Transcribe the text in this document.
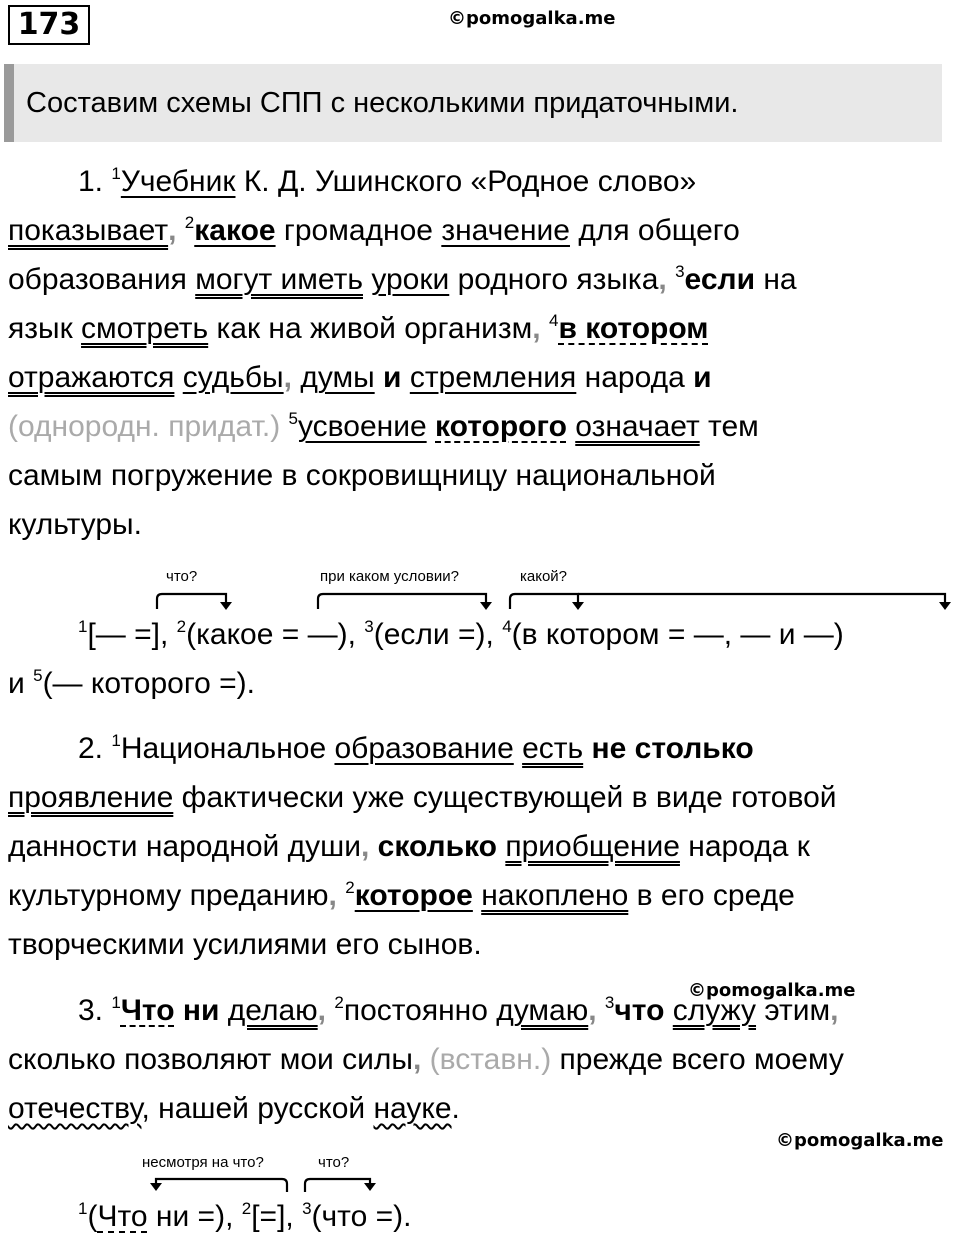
173	©pomogalka.me
Составим схемы СПП с несколькими придаточными.
1. $^1$Учебник К. Д. Ушинского «Родное слово»
показывает, $^2$какое громадное значение для общего
образования могут иметь уроки родного языка, $^3$если на
язык смотреть как на живой организм, $^4$в котором
отражаются судьбы, думы и стремления народа и
(однородн. придат.) $^5$усвоение которого означает тем
самым погружение в сокровищницу национальной
культуры.
что?	при каком условии?	какой?
$^1$[— =], $^2$(какое = —), $^3$(если =), $^4$(в котором = —, — и —)
и $^5$(— которого =).
2. $^1$Национальное образование есть не столько
проявление фактически уже существующей в виде готовой
данности народной души, сколько приобщение народа к
культурному преданию, $^2$которое накоплено в его среде
творческими усилиями его сынов.
©pomogalka.me
3. $^1$Что ни делаю, $^2$постоянно думаю, $^3$что служу этим,
сколько позволяют мои силы, (вставн.) прежде всего моему
отечеству, нашей русской науке.
©pomogalka.me
несмотря на что?	что?
$^1$(Что ни =), $^2$[=], $^3$(что =).
